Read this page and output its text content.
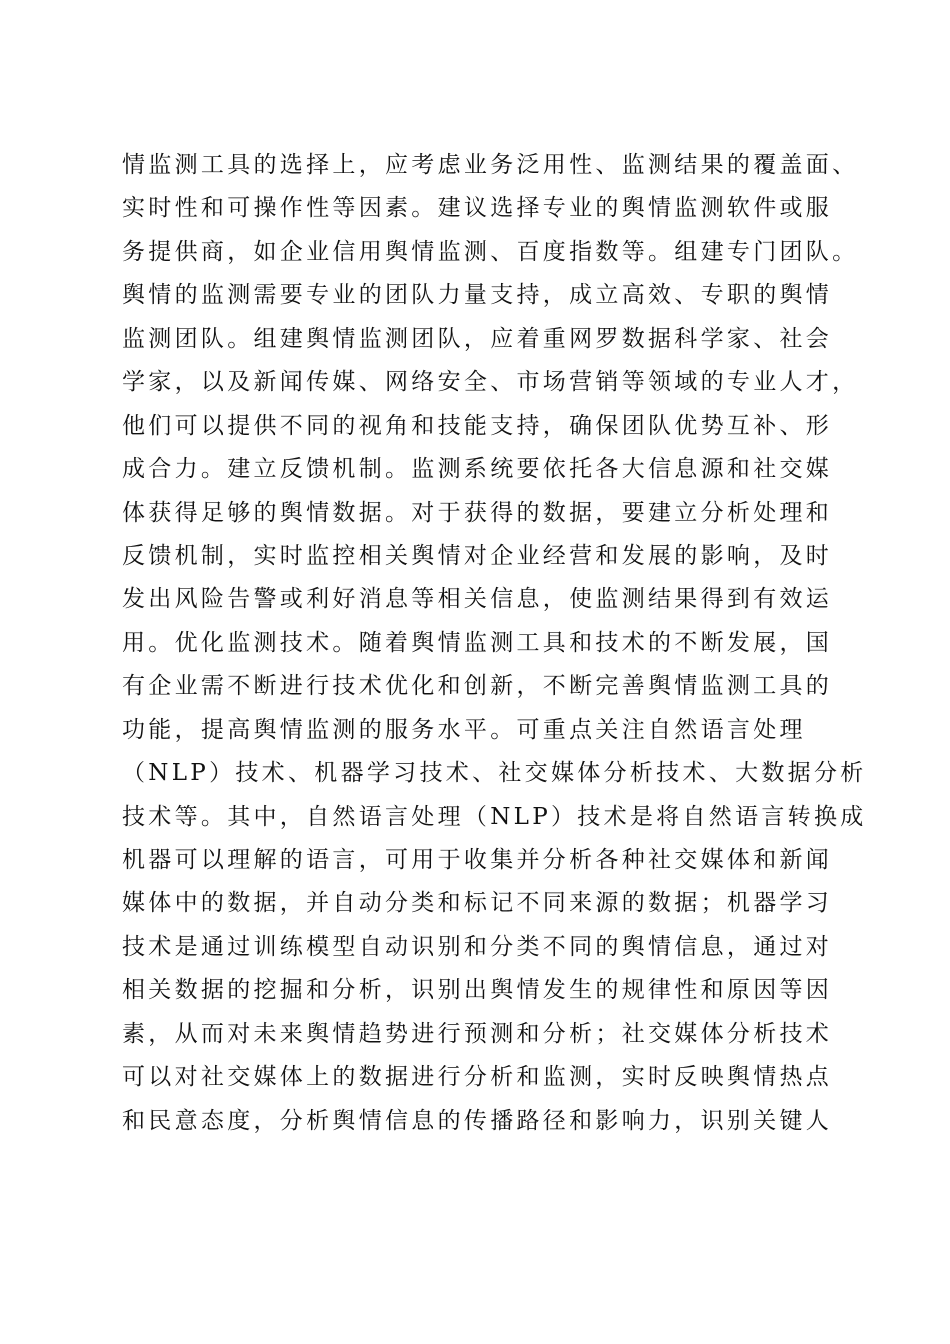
情监测工具的选择上，应考虑业务泛用性、监测结果的覆盖面、
实时性和可操作性等因素。建议选择专业的舆情监测软件或服
务提供商，如企业信用舆情监测、百度指数等。组建专门团队。
舆情的监测需要专业的团队力量支持，成立高效、专职的舆情
监测团队。组建舆情监测团队，应着重网罗数据科学家、社会
学家，以及新闻传媒、网络安全、市场营销等领域的专业人才，
他们可以提供不同的视角和技能支持，确保团队优势互补、形
成合力。建立反馈机制。监测系统要依托各大信息源和社交媒
体获得足够的舆情数据。对于获得的数据，要建立分析处理和
反馈机制，实时监控相关舆情对企业经营和发展的影响，及时
发出风险告警或利好消息等相关信息，使监测结果得到有效运
用。优化监测技术。随着舆情监测工具和技术的不断发展，国
有企业需不断进行技术优化和创新，不断完善舆情监测工具的
功能，提高舆情监测的服务水平。可重点关注自然语言处理
（NLP）技术、机器学习技术、社交媒体分析技术、大数据分析
技术等。其中，自然语言处理（NLP）技术是将自然语言转换成
机器可以理解的语言，可用于收集并分析各种社交媒体和新闻
媒体中的数据，并自动分类和标记不同来源的数据；机器学习
技术是通过训练模型自动识别和分类不同的舆情信息，通过对
相关数据的挖掘和分析，识别出舆情发生的规律性和原因等因
素，从而对未来舆情趋势进行预测和分析；社交媒体分析技术
可以对社交媒体上的数据进行分析和监测，实时反映舆情热点
和民意态度，分析舆情信息的传播路径和影响力，识别关键人
